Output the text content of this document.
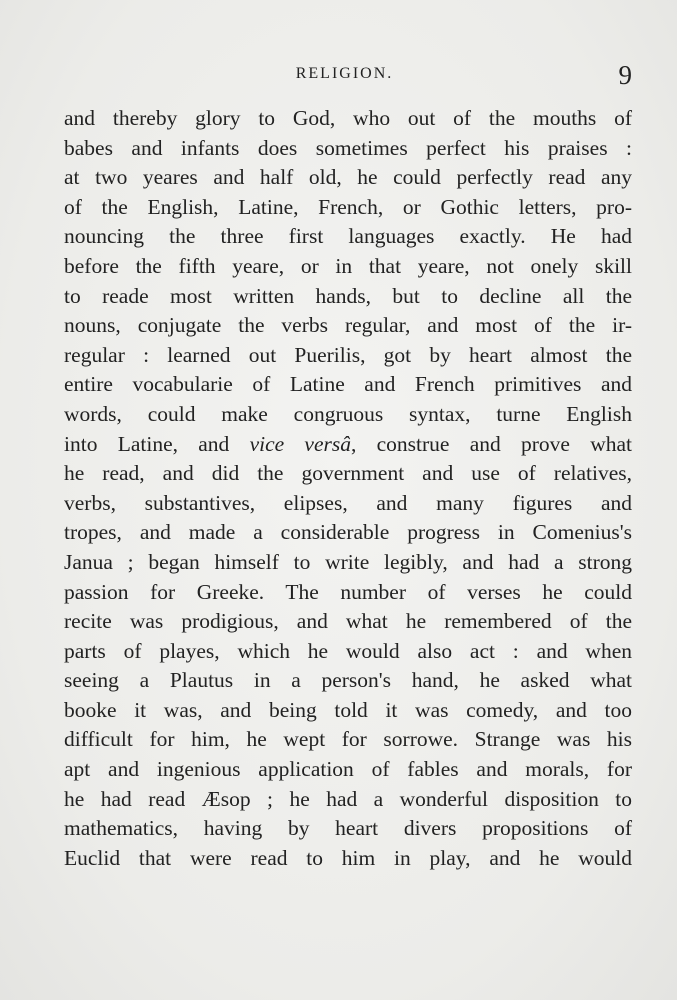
RELIGION.	9
and thereby glory to God, who out of the mouths of
babes and infants does sometimes perfect his praises :
at two yeares and half old, he could perfectly read any
of the English, Latine, French, or Gothic letters, pro-
nouncing the three first languages exactly. He had
before the fifth yeare, or in that yeare, not onely skill
to reade most written hands, but to decline all the
nouns, conjugate the verbs regular, and most of the ir-
regular : learned out Puerilis, got by heart almost the
entire vocabularie of Latine and French primitives and
words, could make congruous syntax, turne English
into Latine, and vice versâ, construe and prove what
he read, and did the government and use of relatives,
verbs, substantives, elipses, and many figures and
tropes, and made a considerable progress in Comenius's
Janua ; began himself to write legibly, and had a strong
passion for Greeke. The number of verses he could
recite was prodigious, and what he remembered of the
parts of playes, which he would also act : and when
seeing a Plautus in a person's hand, he asked what
booke it was, and being told it was comedy, and too
difficult for him, he wept for sorrowe. Strange was his
apt and ingenious application of fables and morals, for
he had read Æsop ; he had a wonderful disposition to
mathematics, having by heart divers propositions of
Euclid that were read to him in play, and he would
